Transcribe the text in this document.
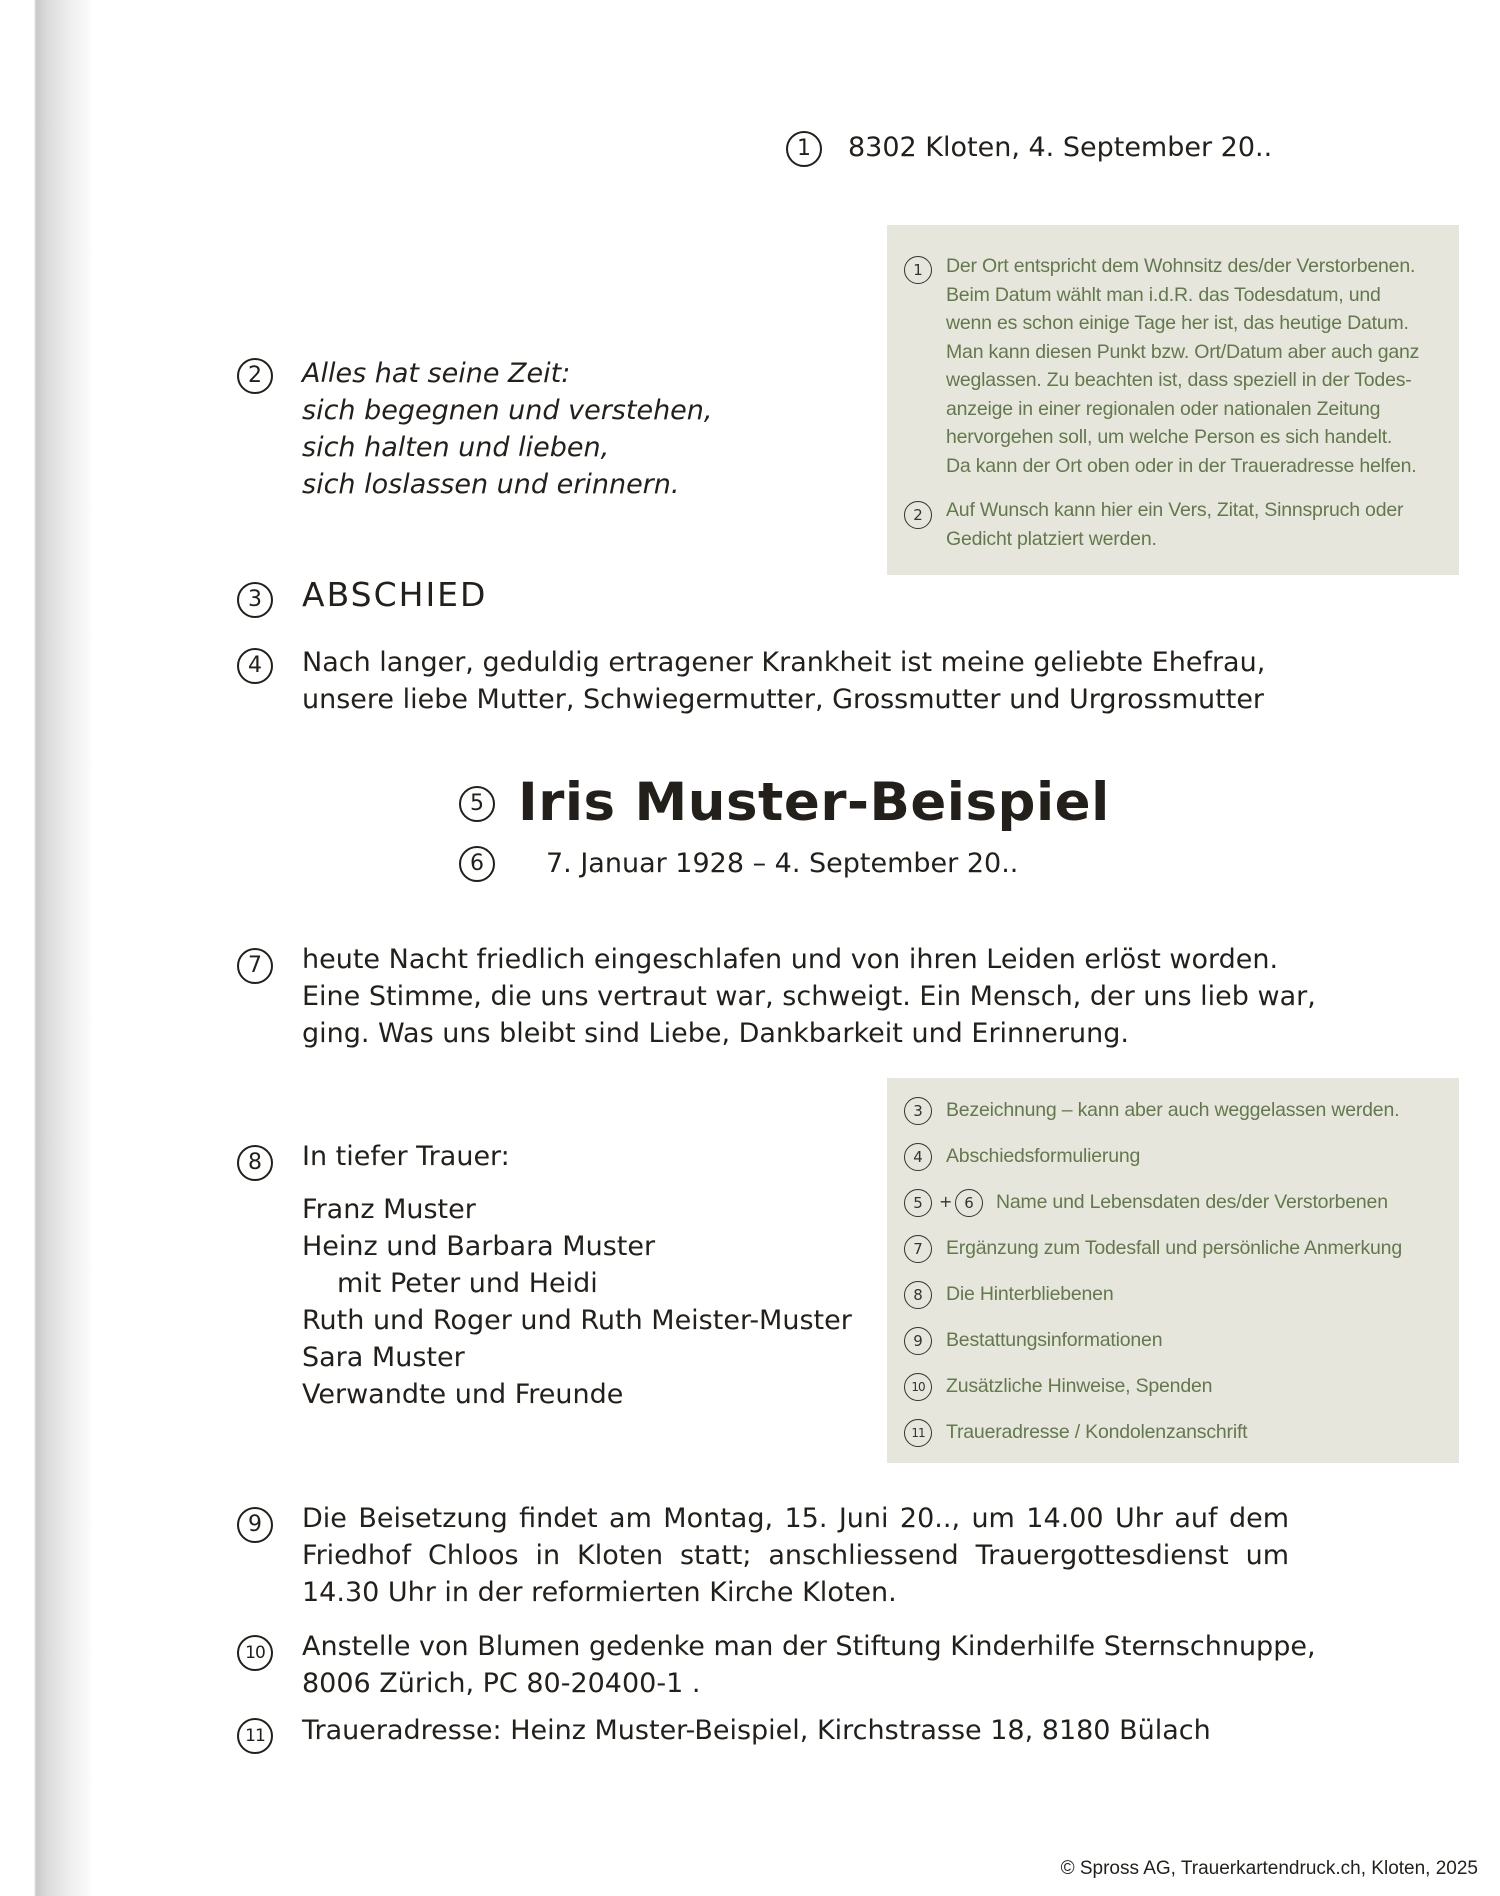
1	8302 Kloten, 4. September 20..
1	Der Ort entspricht dem Wohnsitz des/der Verstorbenen.
Beim Datum wählt man i.d.R. das Todesdatum, und
wenn es schon einige Tage her ist, das heutige Datum.
Man kann diesen Punkt bzw. Ort/Datum aber auch ganz
weglassen. Zu beachten ist, dass speziell in der Todes-
anzeige in einer regionalen oder nationalen Zeitung
hervorgehen soll, um welche Person es sich handelt.
Da kann der Ort oben oder in der Traueradresse helfen.
2	Auf Wunsch kann hier ein Vers, Zitat, Sinnspruch oder
Gedicht platziert werden.
2	Alles hat seine Zeit:
sich begegnen und verstehen,
sich halten und lieben,
sich loslassen und erinnern.
3	ABSCHIED
4	Nach langer, geduldig ertragener Krankheit ist meine geliebte Ehefrau,
unsere liebe Mutter, Schwiegermutter, Grossmutter und Urgrossmutter
5 Iris Muster-Beispiel
6	7. Januar 1928 – 4. September 20..
7	heute Nacht friedlich eingeschlafen und von ihren Leiden erlöst worden.
Eine Stimme, die uns vertraut war, schweigt. Ein Mensch, der uns lieb war,
ging. Was uns bleibt sind Liebe, Dankbarkeit und Erinnerung.
3	Bezeichnung – kann aber auch weggelassen werden.
4	Abschiedsformulierung
5	+ 6	Name und Lebensdaten des/der Verstorbenen
7	Ergänzung zum Todesfall und persönliche Anmerkung
8	Die Hinterbliebenen
9	Bestattungsinformationen
10	Zusätzliche Hinweise, Spenden
11	Traueradresse / Kondolenzanschrift
8	In tiefer Trauer:
Franz Muster
Heinz und Barbara Muster
mit Peter und Heidi
Ruth und Roger und Ruth Meister-Muster
Sara Muster
Verwandte und Freunde
9	Die Beisetzung findet am Montag, 15. Juni 20.., um 14.00 Uhr auf dem
Friedhof Chloos in Kloten statt; anschliessend Trauergottesdienst um
14.30 Uhr in der reformierten Kirche Kloten.
10	Anstelle von Blumen gedenke man der Stiftung Kinderhilfe Sternschnuppe,
8006 Zürich, PC 80-20400-1 .
11	Traueradresse: Heinz Muster-Beispiel, Kirchstrasse 18, 8180 Bülach
© Spross AG, Trauerkartendruck.ch, Kloten, 2025
